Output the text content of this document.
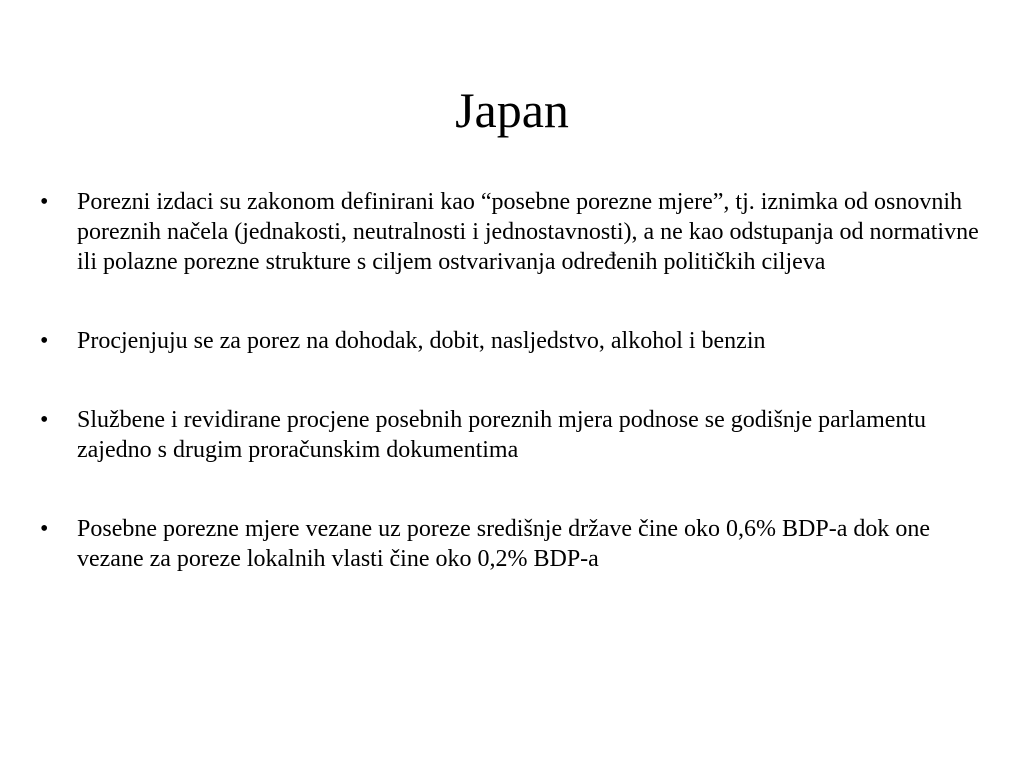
Japan
•	Porezni izdaci su zakonom definirani kao “posebne porezne mjere”, tj. iznimka od osnovnih poreznih načela (jednakosti, neutralnosti i jednostavnosti), a ne kao odstupanja od normativne ili polazne porezne strukture s ciljem ostvarivanja određenih političkih ciljeva
•	Procjenjuju se za porez na dohodak, dobit, nasljedstvo, alkohol i benzin
•	Službene i revidirane procjene posebnih poreznih mjera podnose se godišnje parlamentu zajedno s drugim proračunskim dokumentima
•	Posebne porezne mjere vezane uz poreze središnje države čine oko 0,6% BDP-a dok one vezane za poreze lokalnih vlasti čine oko 0,2% BDP-a
